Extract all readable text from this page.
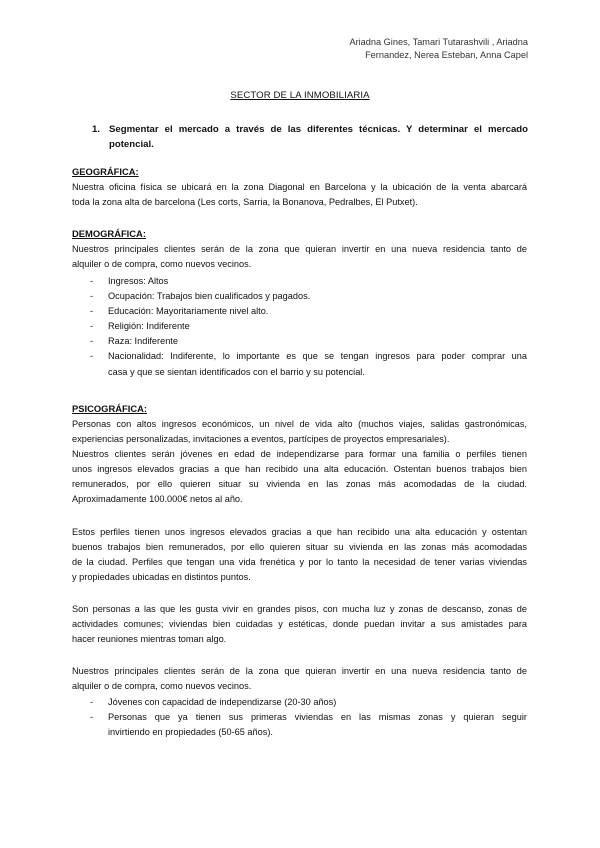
Ariadna Gines, Tamari Tutarashvili , Ariadna
Fernandez, Nerea Esteban, Anna Capel
SECTOR DE LA INMOBILIARIA
1. Segmentar el mercado a través de las diferentes técnicas. Y determinar el mercado
potencial.
GEOGRÁFICA:
Nuestra oficina física se ubicará en la zona Diagonal en Barcelona y la ubicación de la venta abarcará
toda la zona alta de barcelona (Les corts, Sarria, la Bonanova, Pedralbes, El Putxet).
DEMOGRÁFICA:
Nuestros principales clientes serán de la zona que quieran invertir en una nueva residencia tanto de
alquiler o de compra, como nuevos vecinos.
- Ingresos: Altos
- Ocupación: Trabajos bien cualificados y pagados.
- Educación: Mayoritariamente nivel alto.
- Religión: Indiferente
- Raza: Indiferente
- Nacionalidad: Indiferente, lo importante es que se tengan ingresos para poder comprar una
casa y que se sientan identificados con el barrio y su potencial.
PSICOGRÁFICA:
Personas con altos ingresos económicos, un nivel de vida alto (muchos viajes, salidas gastronómicas,
experiencias personalizadas, invitaciones a eventos, partícipes de proyectos empresariales).
Nuestros clientes serán jóvenes en edad de independizarse para formar una familia o perfiles tienen
unos ingresos elevados gracias a que han recibido una alta educación. Ostentan buenos trabajos bien
remunerados, por ello quieren situar su vivienda en las zonas más acomodadas de la ciudad.
Aproximadamente 100.000€ netos al año.
Estos perfiles tienen unos ingresos elevados gracias a que han recibido una alta educación y ostentan
buenos trabajos bien remunerados, por ello quieren situar su vivienda en las zonas más acomodadas
de la ciudad. Perfiles que tengan una vida frenética y por lo tanto la necesidad de tener varias viviendas
y propiedades ubicadas en distintos puntos.
Son personas a las que les gusta vivir en grandes pisos, con mucha luz y zonas de descanso, zonas de
actividades comunes; viviendas bien cuidadas y estéticas, donde puedan invitar a sus amistades para
hacer reuniones mientras toman algo.
Nuestros principales clientes serán de la zona que quieran invertir en una nueva residencia tanto de
alquiler o de compra, como nuevos vecinos.
- Jóvenes con capacidad de independizarse (20-30 años)
- Personas que ya tienen sus primeras viviendas en las mismas zonas y quieran seguir
invirtiendo en propiedades (50-65 años).
